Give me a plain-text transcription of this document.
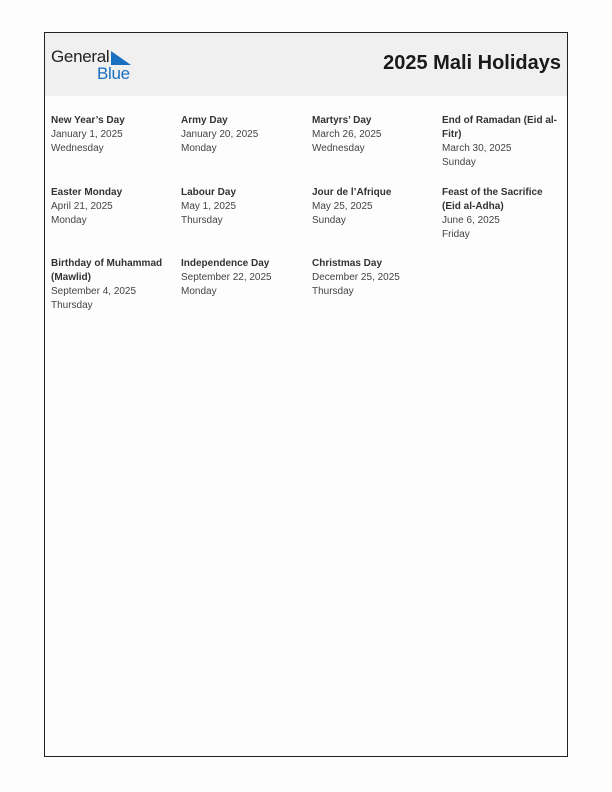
General
Blue	2025 Mali Holidays
New Year’s Day
January 1, 2025
Wednesday
Army Day
January 20, 2025
Monday
Martyrs’ Day
March 26, 2025
Wednesday
End of Ramadan (Eid al-Fitr)
March 30, 2025
Sunday
Easter Monday
April 21, 2025
Monday
Labour Day
May 1, 2025
Thursday
Jour de l’Afrique
May 25, 2025
Sunday
Feast of the Sacrifice (Eid al-Adha)
June 6, 2025
Friday
Birthday of Muhammad (Mawlid)
September 4, 2025
Thursday
Independence Day
September 22, 2025
Monday
Christmas Day
December 25, 2025
Thursday
